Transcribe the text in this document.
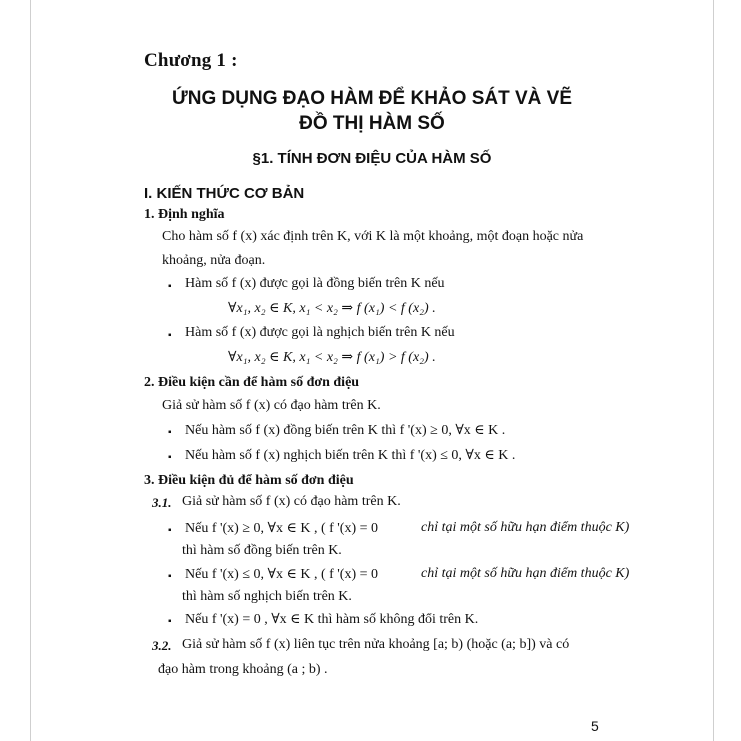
Chương 1 :
ỨNG DỤNG ĐẠO HÀM ĐỂ KHẢO SÁT VÀ VẼ
ĐỒ THỊ HÀM SỐ
§1. TÍNH ĐƠN ĐIỆU CỦA HÀM SỐ
I. KIẾN THỨC CƠ BẢN
1. Định nghĩa
Cho hàm số f (x) xác định trên K, với K là một khoảng, một đoạn hoặc nửa
khoảng, nửa đoạn.
▪ Hàm số f (x) được gọi là đồng biến trên K nếu
∀x₁, x₂ ∈ K, x₁ < x₂ ⇒ f (x₁) < f (x₂) .
▪ Hàm số f (x) được gọi là nghịch biến trên K nếu
∀x₁, x₂ ∈ K, x₁ < x₂ ⇒ f (x₁) > f (x₂) .
2. Điều kiện cần để hàm số đơn điệu
Giả sử hàm số f (x) có đạo hàm trên K.
▪ Nếu hàm số f (x) đồng biến trên K thì f '(x) ≥ 0, ∀x ∈ K .
▪ Nếu hàm số f (x) nghịch biến trên K thì f '(x) ≤ 0, ∀x ∈ K .
3. Điều kiện đủ để hàm số đơn điệu
3.1. Giả sử hàm số f (x) có đạo hàm trên K.
▪ Nếu f '(x) ≥ 0, ∀x ∈ K , ( f '(x) = 0	chỉ tại một số hữu hạn điểm thuộc K)
thì hàm số đồng biến trên K.
▪ Nếu f '(x) ≤ 0, ∀x ∈ K , ( f '(x) = 0	chỉ tại một số hữu hạn điểm thuộc K)
thì hàm số nghịch biến trên K.
▪ Nếu f '(x) = 0 , ∀x ∈ K thì hàm số không đổi trên K.
3.2. Giả sử hàm số f (x) liên tục trên nửa khoảng [a; b) (hoặc (a; b]) và có
đạo hàm trong khoảng (a ; b) .
5
